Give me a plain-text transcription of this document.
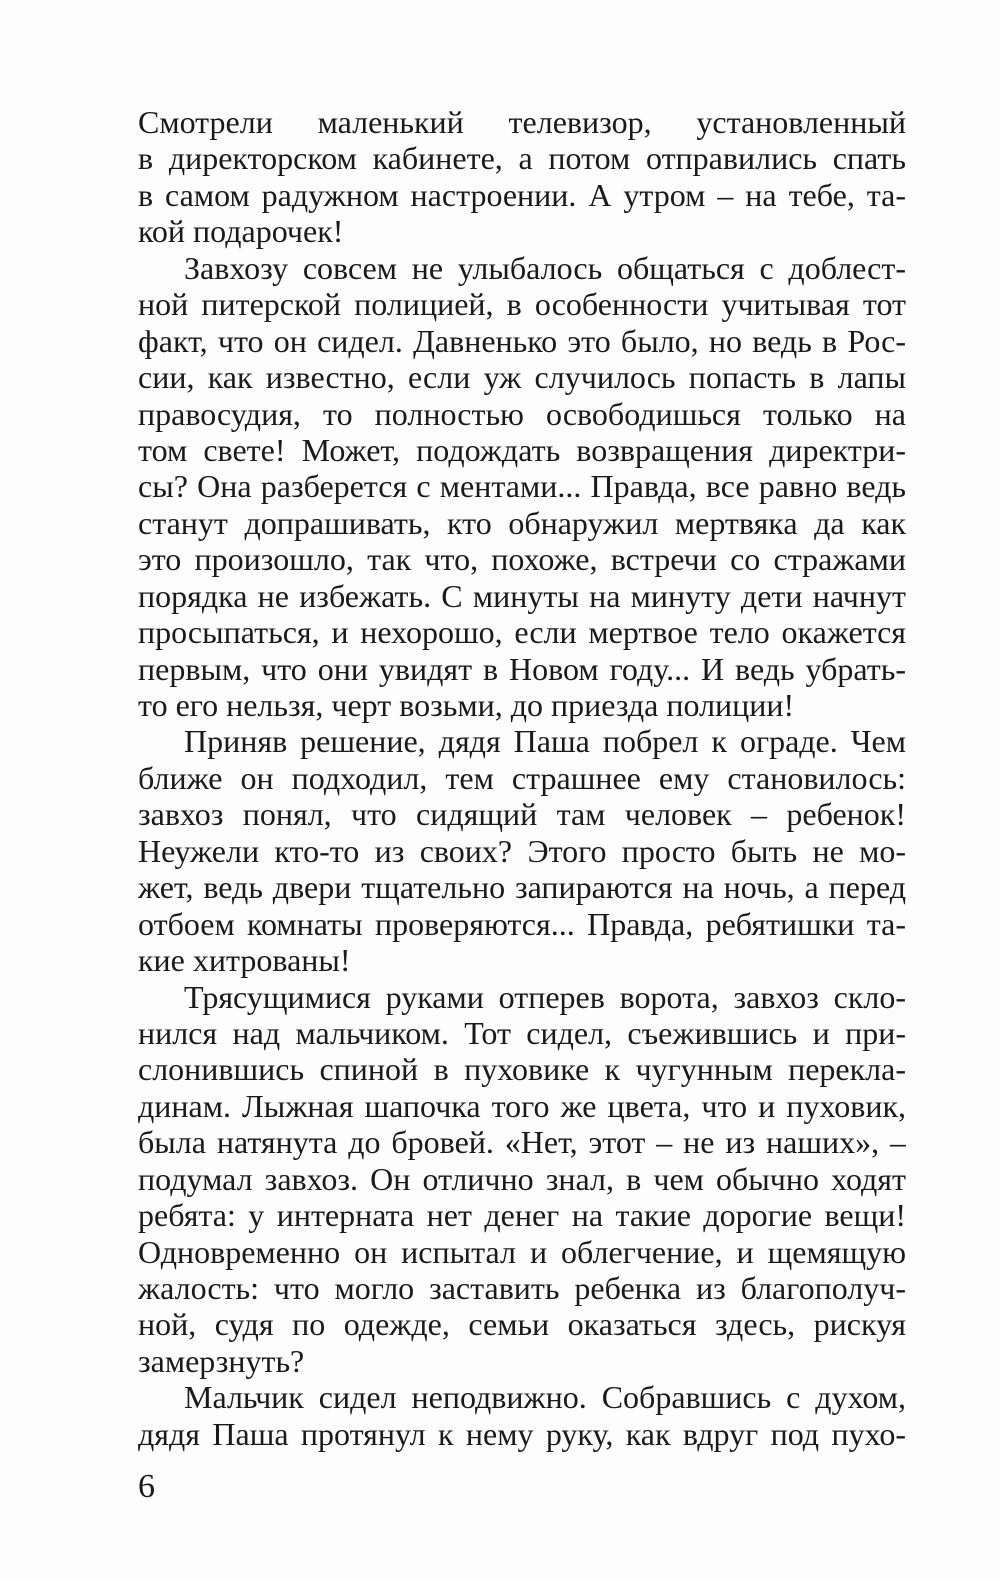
Смотрели маленький телевизор, установленный
в директорском кабинете, а потом отправились спать
в самом радужном настроении. А утром – на тебе, та-
кой подарочек!
Завхозу совсем не улыбалось общаться с доблест-
ной питерской полицией, в особенности учитывая тот
факт, что он сидел. Давненько это было, но ведь в Рос-
сии, как известно, если уж случилось попасть в лапы
правосудия, то полностью освободишься только на
том свете! Может, подождать возвращения директри-
сы? Она разберется с ментами... Правда, все равно ведь
станут допрашивать, кто обнаружил мертвяка да как
это произошло, так что, похоже, встречи со стражами
порядка не избежать. С минуты на минуту дети начнут
просыпаться, и нехорошо, если мертвое тело окажется
первым, что они увидят в Новом году... И ведь убрать-
то его нельзя, черт возьми, до приезда полиции!
Приняв решение, дядя Паша побрел к ограде. Чем
ближе он подходил, тем страшнее ему становилось:
завхоз понял, что сидящий там человек – ребенок!
Неужели кто-то из своих? Этого просто быть не мо-
жет, ведь двери тщательно запираются на ночь, а перед
отбоем комнаты проверяются... Правда, ребятишки та-
кие хитрованы!
Трясущимися руками отперев ворота, завхоз скло-
нился над мальчиком. Тот сидел, съежившись и при-
слонившись спиной в пуховике к чугунным перекла-
динам. Лыжная шапочка того же цвета, что и пуховик,
была натянута до бровей. «Нет, этот – не из наших», –
подумал завхоз. Он отлично знал, в чем обычно ходят
ребята: у интерната нет денег на такие дорогие вещи!
Одновременно он испытал и облегчение, и щемящую
жалость: что могло заставить ребенка из благополуч-
ной, судя по одежде, семьи оказаться здесь, рискуя
замерзнуть?
Мальчик сидел неподвижно. Собравшись с духом,
дядя Паша протянул к нему руку, как вдруг под пухо-
6
